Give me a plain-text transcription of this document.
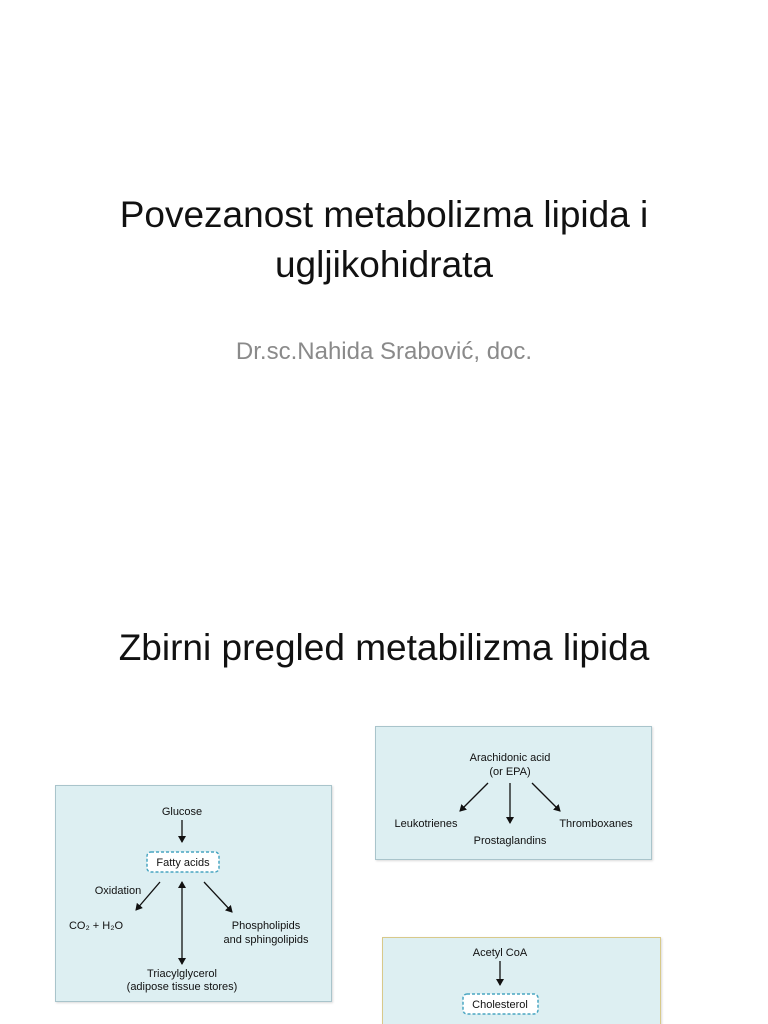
Povezanost metabolizma lipida i
ugljikohidrata
Dr.sc.Nahida Srabović, doc.
Zbirni pregled metabilizma lipida
Glucose
Fatty acids
Oxidation
CO₂ + H₂O	Phospholipids
and sphingolipids
Triacylglycerol
(adipose tissue stores)
Arachidonic acid
(or EPA)
Leukotrienes
Prostaglandins
Thromboxanes
Acetyl CoA
Cholesterol
